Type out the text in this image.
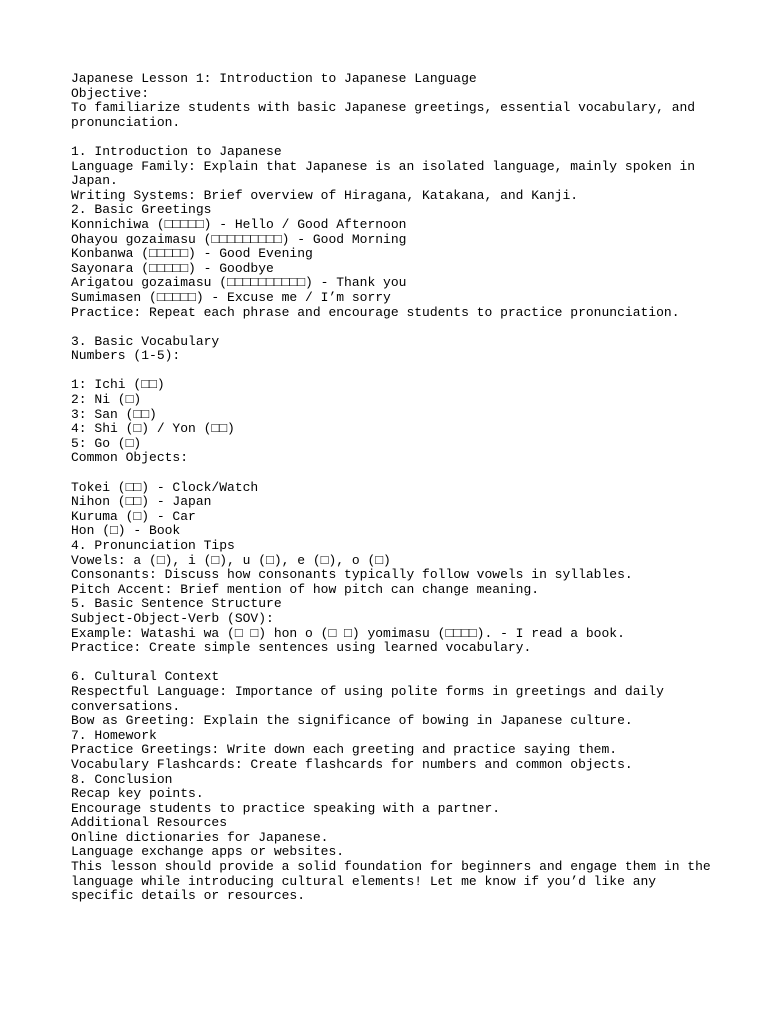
Japanese Lesson 1: Introduction to Japanese Language
Objective:
To familiarize students with basic Japanese greetings, essential vocabulary, and
pronunciation.
1. Introduction to Japanese
Language Family: Explain that Japanese is an isolated language, mainly spoken in
Japan.
Writing Systems: Brief overview of Hiragana, Katakana, and Kanji.
2. Basic Greetings
Konnichiwa (□□□□□) - Hello / Good Afternoon
Ohayou gozaimasu (□□□□□□□□□) - Good Morning
Konbanwa (□□□□□) - Good Evening
Sayonara (□□□□□) - Goodbye
Arigatou gozaimasu (□□□□□□□□□□) - Thank you
Sumimasen (□□□□□) - Excuse me / I’m sorry
Practice: Repeat each phrase and encourage students to practice pronunciation.
3. Basic Vocabulary
Numbers (1-5):
1: Ichi (□□)
2: Ni (□)
3: San (□□)
4: Shi (□) / Yon (□□)
5: Go (□)
Common Objects:
Tokei (□□) - Clock/Watch
Nihon (□□) - Japan
Kuruma (□) - Car
Hon (□) - Book
4. Pronunciation Tips
Vowels: a (□), i (□), u (□), e (□), o (□)
Consonants: Discuss how consonants typically follow vowels in syllables.
Pitch Accent: Brief mention of how pitch can change meaning.
5. Basic Sentence Structure
Subject-Object-Verb (SOV):
Example: Watashi wa (□ □) hon o (□ □) yomimasu (□□□□). - I read a book.
Practice: Create simple sentences using learned vocabulary.
6. Cultural Context
Respectful Language: Importance of using polite forms in greetings and daily
conversations.
Bow as Greeting: Explain the significance of bowing in Japanese culture.
7. Homework
Practice Greetings: Write down each greeting and practice saying them.
Vocabulary Flashcards: Create flashcards for numbers and common objects.
8. Conclusion
Recap key points.
Encourage students to practice speaking with a partner.
Additional Resources
Online dictionaries for Japanese.
Language exchange apps or websites.
This lesson should provide a solid foundation for beginners and engage them in the
language while introducing cultural elements! Let me know if you’d like any
specific details or resources.
